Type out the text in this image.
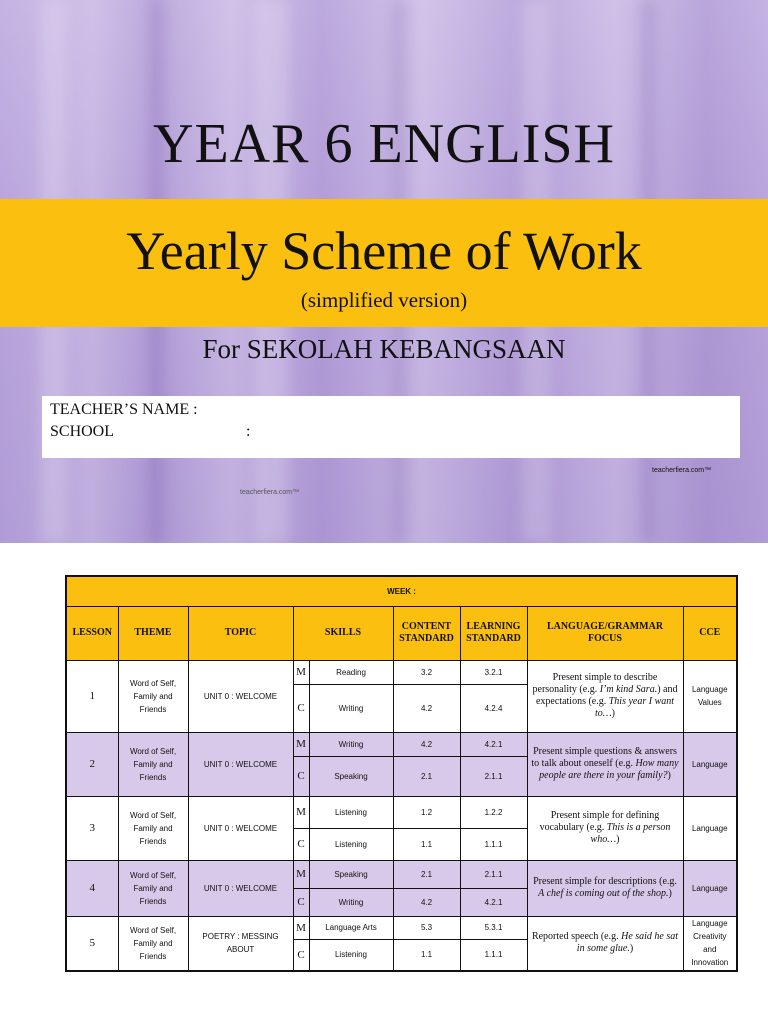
YEAR 6 ENGLISH
Yearly Scheme of Work
(simplified version)
For SEKOLAH KEBANGSAAN
TEACHER’S NAME :
SCHOOL	:
teacherfiera.com™
teacherfiera.com™
WEEK :								
LESSON	THEME	TOPIC	SKILLS		CONTENT STANDARD	LEARNING STANDARD	LANGUAGE/GRAMMAR FOCUS	CCE
1	Word of Self, Family and Friends	UNIT 0 : WELCOME	M	Reading	3.2	3.2.1	Present simple to describe personality (e.g. I’m kind Sara.) and expectations (e.g. This year I want to…)	Language Values
			C	Writing	4.2	4.2.4		
2	Word of Self, Family and Friends	UNIT 0 : WELCOME	M	Writing	4.2	4.2.1	Present simple questions & answers to talk about oneself (e.g. How many people are there in your family?)	Language
			C	Speaking	2.1	2.1.1		
3	Word of Self, Family and Friends	UNIT 0 : WELCOME	M	Listening	1.2	1.2.2	Present simple for defining vocabulary (e.g. This is a person who…)	Language
			C	Listening	1.1	1.1.1		
4	Word of Self, Family and Friends	UNIT 0 : WELCOME	M	Speaking	2.1	2.1.1	Present simple for descriptions (e.g. A chef is coming out of the shop.)	Language
			C	Writing	4.2	4.2.1		
5	Word of Self, Family and Friends	POETRY : MESSING ABOUT	M	Language Arts	5.3	5.3.1	Reported speech (e.g. He said he sat in some glue.)	Language Creativity and Innovation
			C	Listening	1.1	1.1.1		
